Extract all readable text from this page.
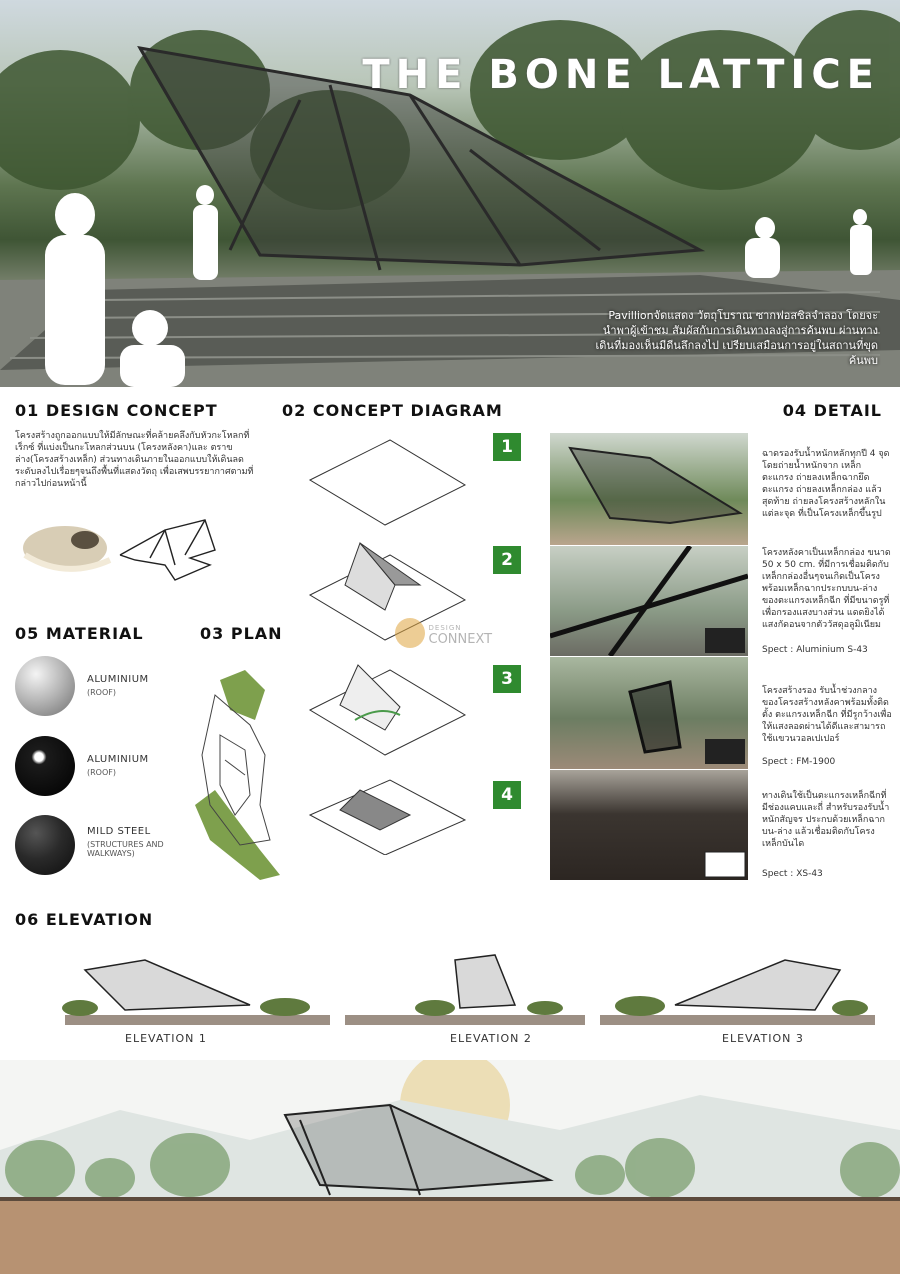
THE BONE LATTICE
Pavillionจัดแสดง วัตถุโบราณ ซากฟอสซิลจำลอง โดยจะนำพาผู้เข้าชม สัมผัสกับการเดินทางลงสู่การค้นพบ ผ่านทางเดินที่มองเห็นมีดีนลึกลงไป เปรียบเสมือนการอยู่ในสถานที่ขุดค้นพบ
01 DESIGN CONCEPT
โครงสร้างถูกออกแบบให้มีลักษณะที่คล้ายคลึงกับหัวกะโหลกที่เร็กซ์ ที่แบ่งเป็นกะโหลกส่วนบน (โครงหลังคา)และ ตราขล่าง(โครงสร้างเหล็ก) ส่วนทางเดินภายในออกแบบให้เดินลดระดับลงไปเรื่อยๆจนถึงพื้นที่แสดงวัตถุ เพื่อเสพบรรยากาศตามที่กล่าวไปก่อนหน้านี้
02 CONCEPT DIAGRAM
1
2
3
4
DESIGN
CONNEXT
04 DETAIL
ฉาดรองรับน้ำหนักหลักทุกปี 4 จุด โดยถ่ายน้ำหนักจาก เหล็กตะแกรง ถ่ายลงเหล็กฉากยึดตะแกรง ถ่ายลงเหล็กกล่อง แล้วสุดท้าย ถ่ายลงโครงสร้างหลักในแต่ละจุด ที่เป็นโครงเหล็กขึ้นรูป
โครงหลังคาเป็นเหล็กกล่อง ขนาด 50 x 50 cm. ที่มีการเชื่อมติดกับเหล็กกล่องอื่นๆจนเกิดเป็นโครง พร้อมเหล็กฉากประกบบน-ล่างของตะแกรงเหล็กฉีก ที่มีขนาดรูที่เพื่อกรองแสงบางส่วน แดดยิงได้แสงกัดอนจากตัววัสดุอลูมิเนียม
Spect : Aluminium S-43
โครงสร้างรอง รับน้ำช่วงกลางของโครงสร้างหลังคาพร้อมทั้งติดตั้ง ตะแกรงเหล็กฉีก ที่มีรูกว้างเพื่อให้แสงลอดผ่านได้ดีและสามารถใช้แขวนวอลเปเปอร์
Spect : FM-1900
ทางเดินใช้เป็นตะแกรงเหล็กฉีกที่มีช่องแคบและถี่ สำหรับรองรับน้ำหนักสัญจร ประกบด้วยเหล็กฉากบน-ล่าง แล้วเชื่อมติดกับโครงเหล็กบันได
Spect : XS-43
05 MATERIAL
ALUMINIUM
(ROOF)
ALUMINIUM
(ROOF)
MILD STEEL
(STRUCTURES AND WALKWAYS)
03 PLAN
06 ELEVATION
ELEVATION 1	ELEVATION 2	ELEVATION 3
